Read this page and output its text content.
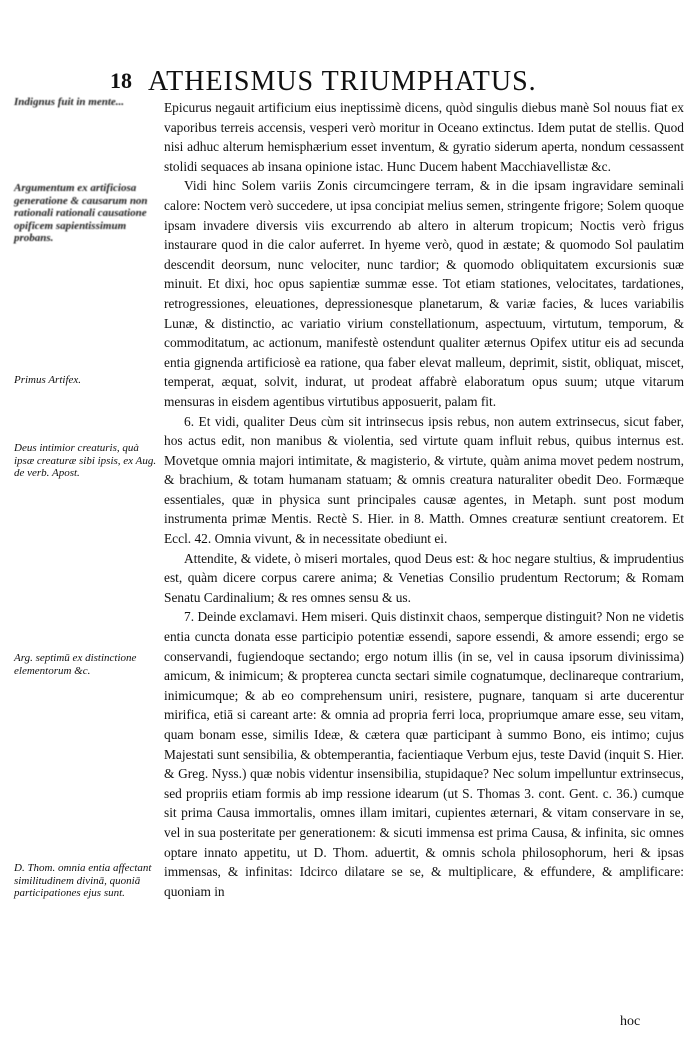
18 ATHEISMUS TRIUMPHATUS.
Indignus fuit in mente...
Argumentum ex artificiosa generatione & causarum non rationali rationali causatione opificem sapientissimum probans.
Primus Artifex.
Deus intimior creaturis, quà ipsæ creaturæ sibi ipsis, ex Aug. de verb. Apost.
Arg. septimū ex distinctione elementorum &c.
D. Thom. omnia entia affectant similitudinem divinā, quoniā participationes ejus sunt.

Epicurus negauit artificium eius ineptissimè dicens, quòd singulis diebus manè Sol nouus fiat ex vaporibus terreis accensis, vesperi verò moritur in Oceano extinctus. Idem putat de stellis. Quod nisi adhuc alterum hemisphærium esset inventum, & gyratio siderum aperta, nondum cessassent stolidi sequaces ab insana opinione istac. Hunc Ducem habent Macchiavellistæ &c.

Vidi hinc Solem variis Zonis circumcingere terram, & in die ipsam ingravidare seminali calore: Noctem verò succedere, ut ipsa concipiat melius semen, stringente frigore; Solem quoque ipsam invadere diversis viis excurrendo ab altero in alterum tropicum; Noctis verò frigus instaurare quod in die calor auferret. In hyeme verò, quod in æstate; & quomodo Sol paulatim descendit deorsum, nunc velociter, nunc tardior; & quomodo obliquitatem excursionis suæ minuit. Et dixi, hoc opus sapientiæ summæ esse. Tot etiam stationes, velocitates, tardationes, retrogressiones, eleuationes, depressionesque planetarum, & variæ facies, & luces variabilis Lunæ, & distinctio, ac variatio virium constellationum, aspectuum, virtutum, temporum, & commoditatum, ac actionum, manifestè ostendunt qualiter æternus Opifex utitur eis ad secunda entia gignenda artificiosè ea ratione, qua faber elevat malleum, deprimit, sistit, obliquat, miscet, temperat, æquat, solvit, indurat, ut prodeat affabrè elaboratum opus suum; utque vitarum mensuras in eisdem agentibus virtutibus apposuerit, palam fit.

6. Et vidi, qualiter Deus cùm sit intrinsecus ipsis rebus, non autem extrinsecus, sicut faber, hos actus edit, non manibus & violentia, sed virtute quam influit rebus, quibus internus est. Movetque omnia majori intimitate, & magisterio, & virtute, quàm anima movet pedem nostrum, & brachium, & totam humanam statuam; & omnis creatura naturaliter obedit Deo. Formæque essentiales, quæ in physica sunt principales causæ agentes, in Metaph. sunt post modum instrumenta primæ Mentis. Rectè S. Hier. in 8. Matth. Omnes creaturæ sentiunt creatorem. Et Eccl. 42. Omnia vivunt, & in necessitate obediunt ei.

Attendite, & videte, ò miseri mortales, quod Deus est: & hoc negare stultius, & imprudentius est, quàm dicere corpus carere anima; & Venetias Consilio prudentum Rectorum; & Romam Senatu Cardinalium; & res omnes sensu & us.

7. Deinde exclamavi. Hem miseri. Quis distinxit chaos, semperque distinguit? Non ne videtis entia cuncta donata esse participio potentiæ essendi, sapore essendi, & amore essendi; ergo se conservandi, fugiendoque sectando; ergo notum illis (in se, vel in causa ipsorum divinissima) amicum, & inimicum; & propterea cuncta sectari simile cognatumque, declinareque contrarium, inimicumque; & ab eo comprehensum uniri, resistere, pugnare, tanquam si arte ducerentur mirifica, etiā si careant arte: & omnia ad propria ferri loca, propriumque amare esse, seu vitam, quam bonam esse, similis Ideæ, & cætera quæ participant à summo Bono, eis intimo; cujus Majestati sunt sensibilia, & obtemperantia, facientiaque Verbum ejus, teste David (inquit S. Hier. & Greg. Nyss.) quæ nobis videntur insensibilia, stupidaque? Nec solum impelluntur extrinsecus, sed propriis etiam formis ab imp ressione idearum (ut S. Thomas 3. cont. Gent. c. 36.) cumque sit prima Causa immortalis, omnes illam imitari, cupientes æternari, & vitam conservare in se, vel in sua posteritate per generationem: & sicuti immensa est prima Causa, & infinita, sic omnes optare innato appetitu, ut D. Thom. aduertit, & omnis schola philosophorum, heri & ipsas immensas, & infinitas: Idcirco dilatare se se, & multiplicare, & effundere, & amplificare: quoniam in

hoc
